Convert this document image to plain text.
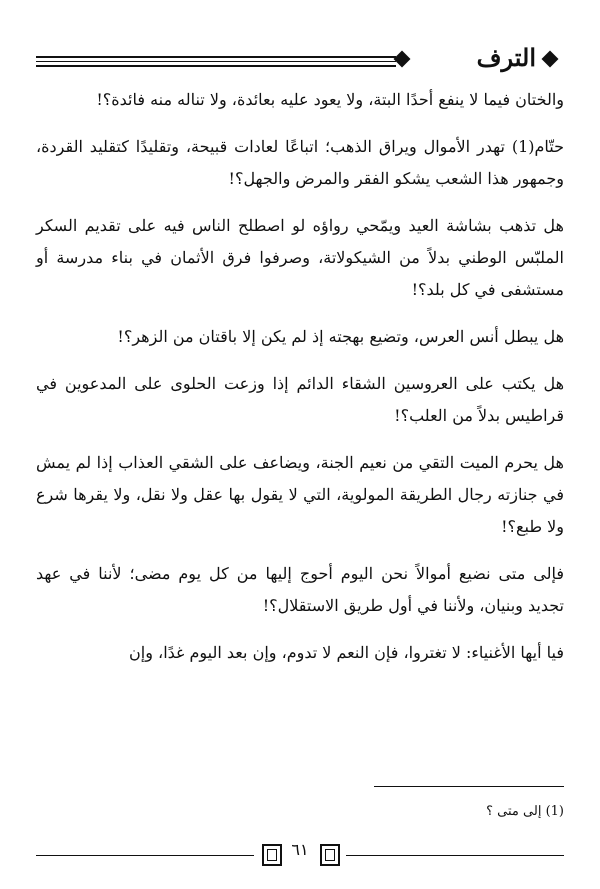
الترف

والختان فيما لا ينفع أحدًا البتة، ولا يعود عليه بعائدة، ولا تناله منه فائدة؟!

حتّام(1) تهدر الأموال ويراق الذهب؛ اتباعًا لعادات قبيحة، وتقليدًا كتقليد القردة، وجمهور هذا الشعب يشكو الفقر والمرض والجهل؟!

هل تذهب بشاشة العيد ويمّحي رواؤه لو اصطلح الناس فيه على تقديم السكر الملبّس الوطني بدلاً من الشيكولاتة، وصرفوا فرق الأثمان في بناء مدرسة أو مستشفى في كل بلد؟!

هل يبطل أنس العرس، وتضيع بهجته إذ لم يكن إلا باقتان من الزهر؟!

هل يكتب على العروسين الشقاء الدائم إذا وزعت الحلوى على المدعوين في قراطيس بدلاً من العلب؟!

هل يحرم الميت التقي من نعيم الجنة، ويضاعف على الشقي العذاب إذا لم يمش في جنازته رجال الطريقة المولوية، التي لا يقول بها عقل ولا نقل، ولا يقرها شرع ولا طبع؟!

فإلى متى نضيع أموالاً نحن اليوم أحوج إليها من كل يوم مضى؛ لأننا في عهد تجديد وبنيان، ولأننا في أول طريق الاستقلال؟!

فيا أيها الأغنياء: لا تغتروا، فإن النعم لا تدوم، وإن بعد اليوم غدًا، وإن

(1) إلى متى ؟
٦١
